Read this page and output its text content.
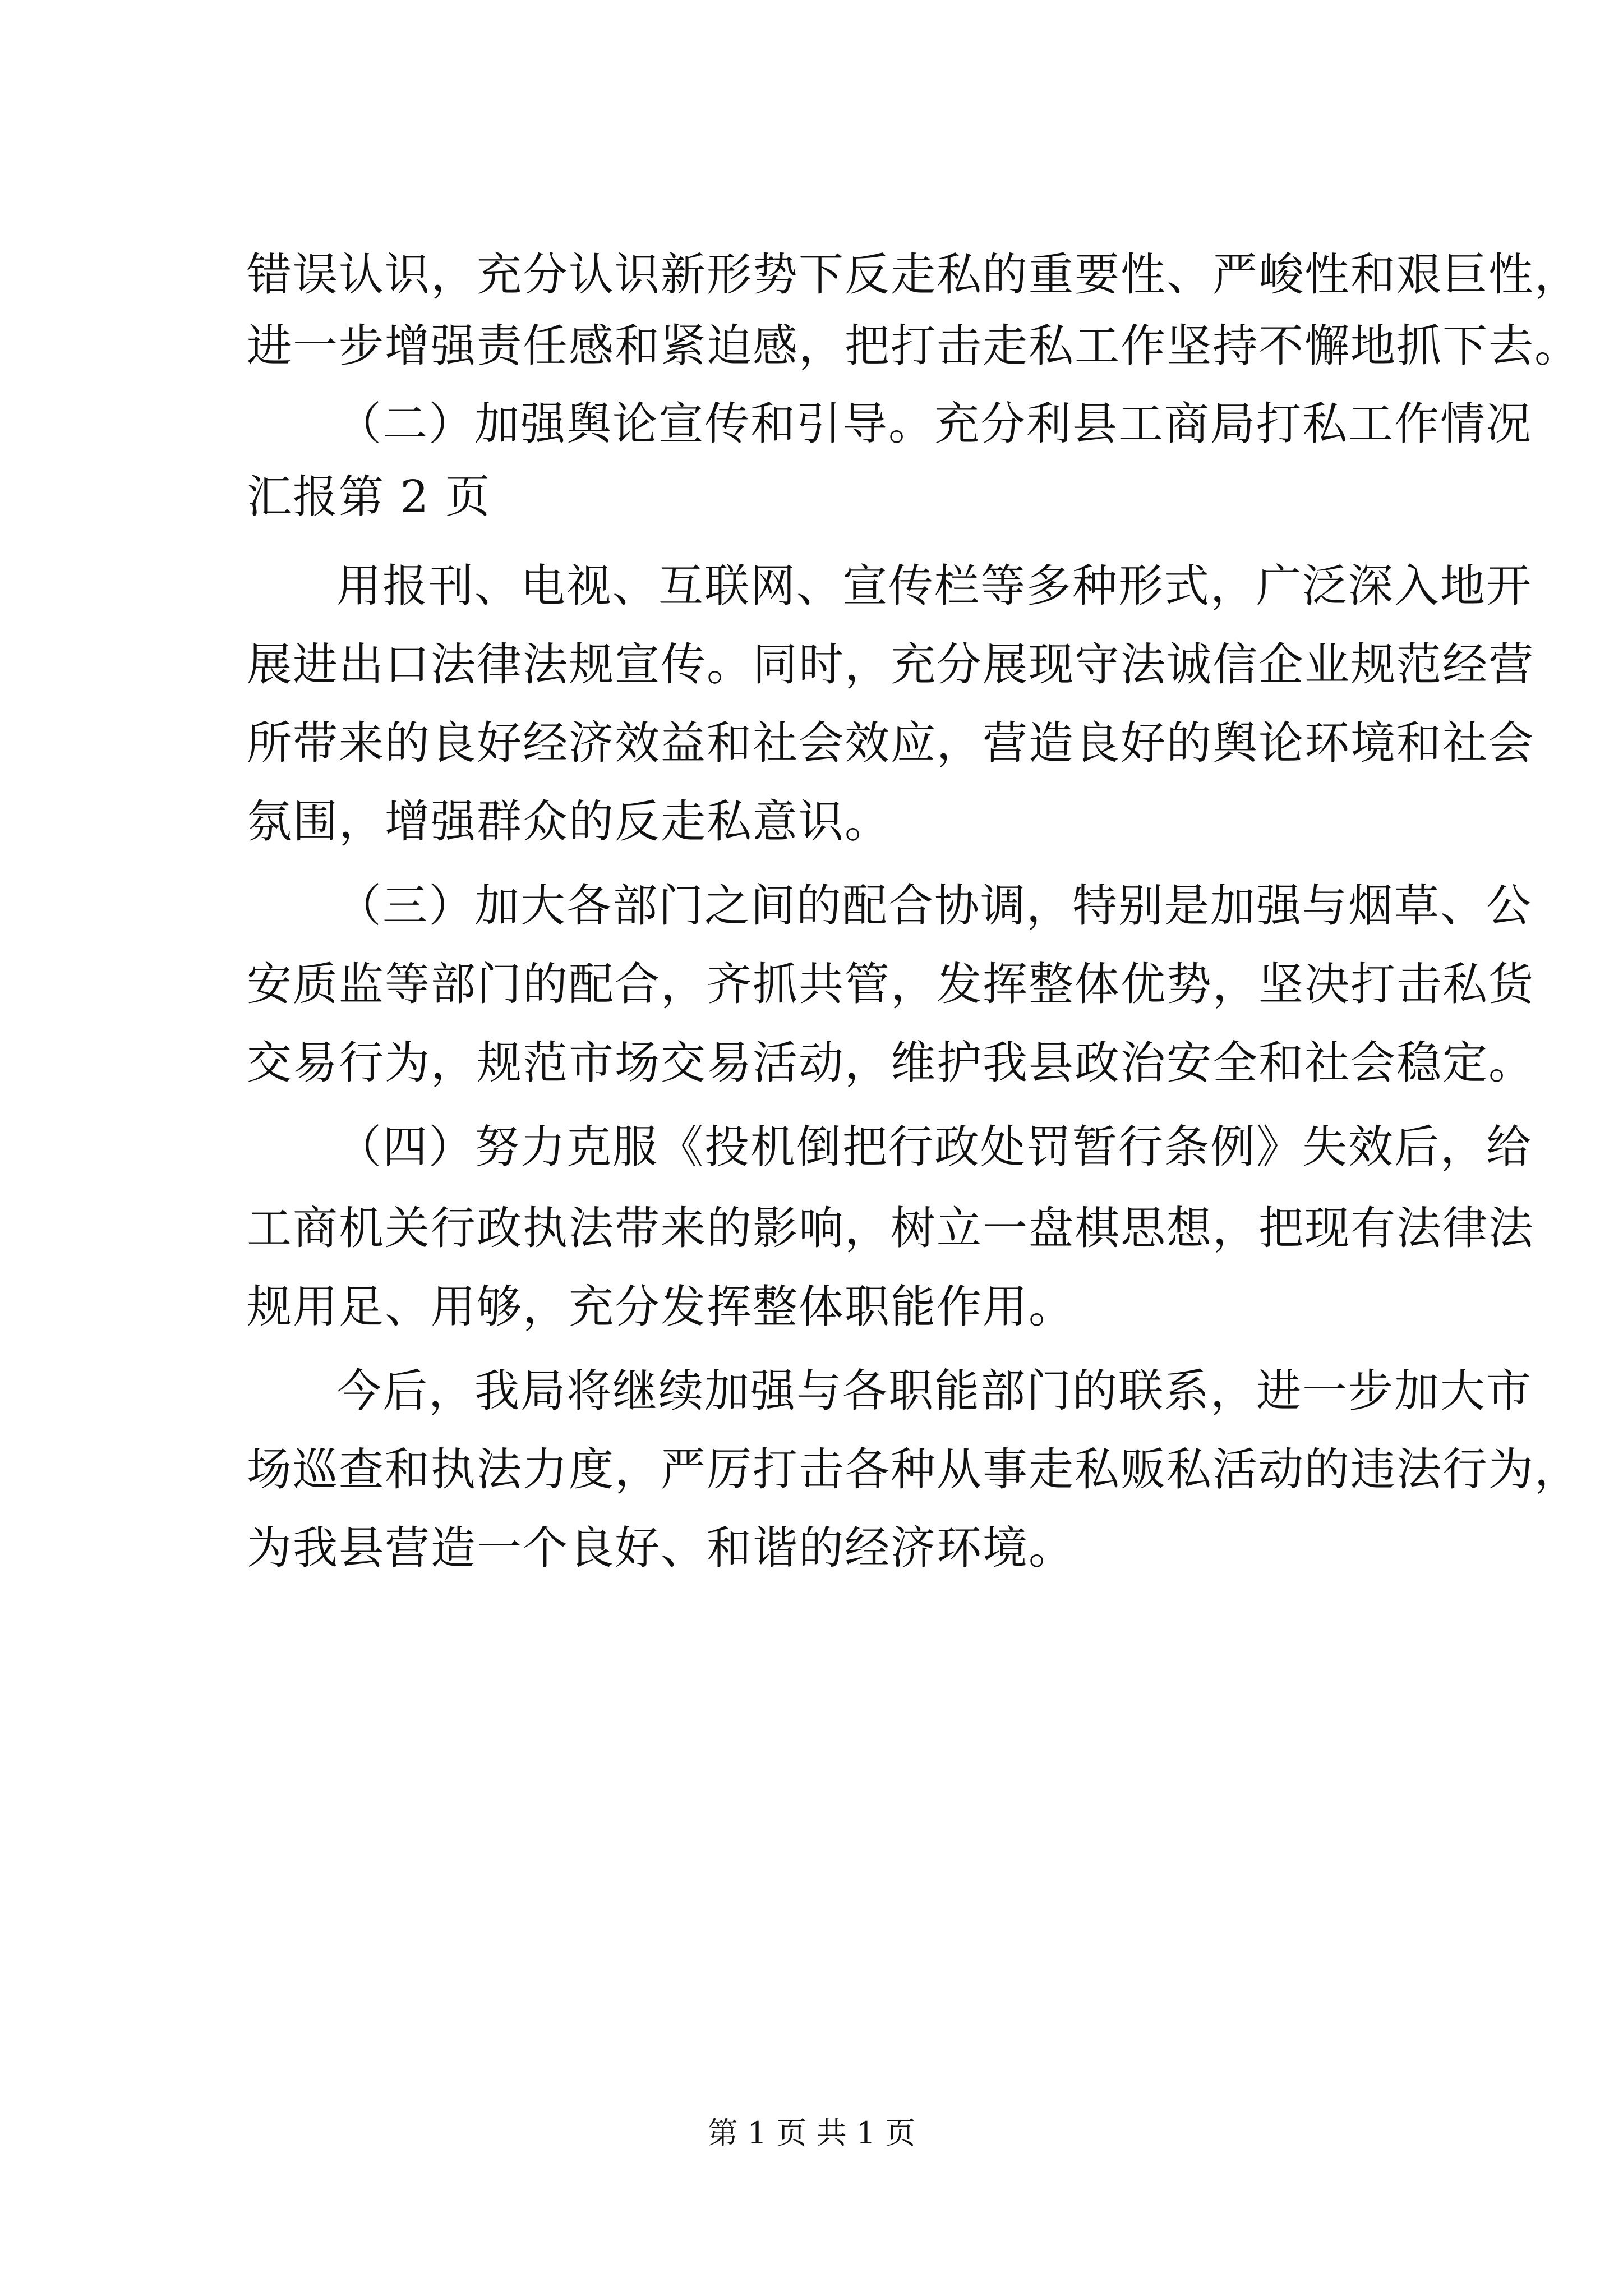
错误认识，充分认识新形势下反走私的重要性、严峻性和艰巨性，
进一步增强责任感和紧迫感，把打击走私工作坚持不懈地抓下去。
（二）加强舆论宣传和引导。充分利县工商局打私工作情况
汇报第 2 页
用报刊、电视、互联网、宣传栏等多种形式，广泛深入地开
展进出口法律法规宣传。同时，充分展现守法诚信企业规范经营
所带来的良好经济效益和社会效应，营造良好的舆论环境和社会
氛围，增强群众的反走私意识。
（三）加大各部门之间的配合协调，特别是加强与烟草、公
安质监等部门的配合，齐抓共管，发挥整体优势，坚决打击私货
交易行为，规范市场交易活动，维护我县政治安全和社会稳定。
（四）努力克服《投机倒把行政处罚暂行条例》失效后，给
工商机关行政执法带来的影响，树立一盘棋思想，把现有法律法
规用足、用够，充分发挥整体职能作用。
今后，我局将继续加强与各职能部门的联系，进一步加大市
场巡查和执法力度，严厉打击各种从事走私贩私活动的违法行为，
为我县营造一个良好、和谐的经济环境。
第 1 页 共 1 页
